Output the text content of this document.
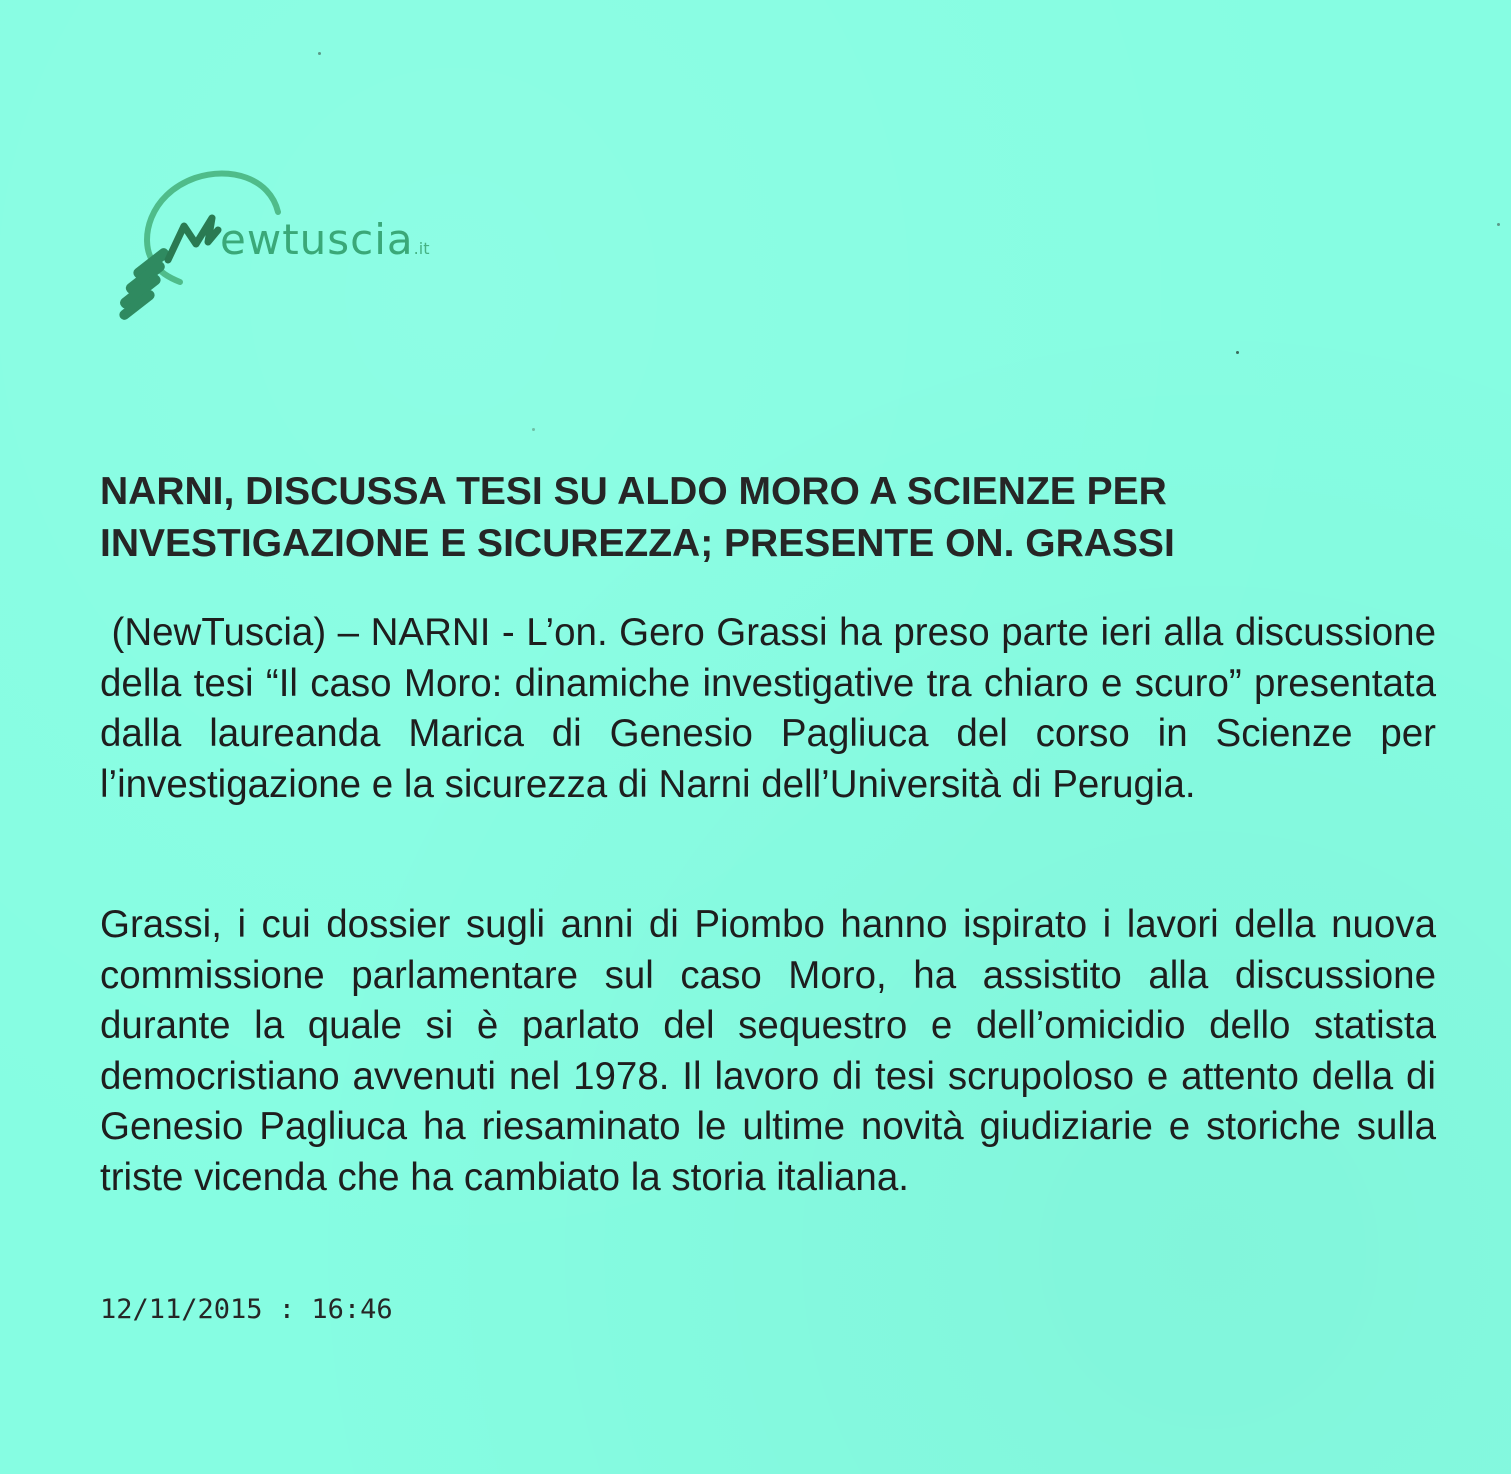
ewtuscia.it
NARNI, DISCUSSA TESI SU ALDO MORO A SCIENZE PER
INVESTIGAZIONE E SICUREZZA; PRESENTE ON. GRASSI

(NewTuscia) – NARNI - L’on. Gero Grassi ha preso parte ieri alla discussione della tesi “Il caso Moro: dinamiche investigative tra chiaro e scuro” presentata dalla laureanda Marica di Genesio Pagliuca del corso in Scienze per l’investigazione e la sicurezza di Narni dell’Università di Perugia.

Grassi, i cui dossier sugli anni di Piombo hanno ispirato i lavori della nuova commissione parlamentare sul caso Moro, ha assistito alla discussione durante la quale si è parlato del sequestro e dell’omicidio dello statista democristiano avvenuti nel 1978. Il lavoro di tesi scrupoloso e attento della di Genesio Pagliuca ha riesaminato le ultime novità giudiziarie e storiche sulla triste vicenda che ha cambiato la storia italiana.

12/11/2015 : 16:46
